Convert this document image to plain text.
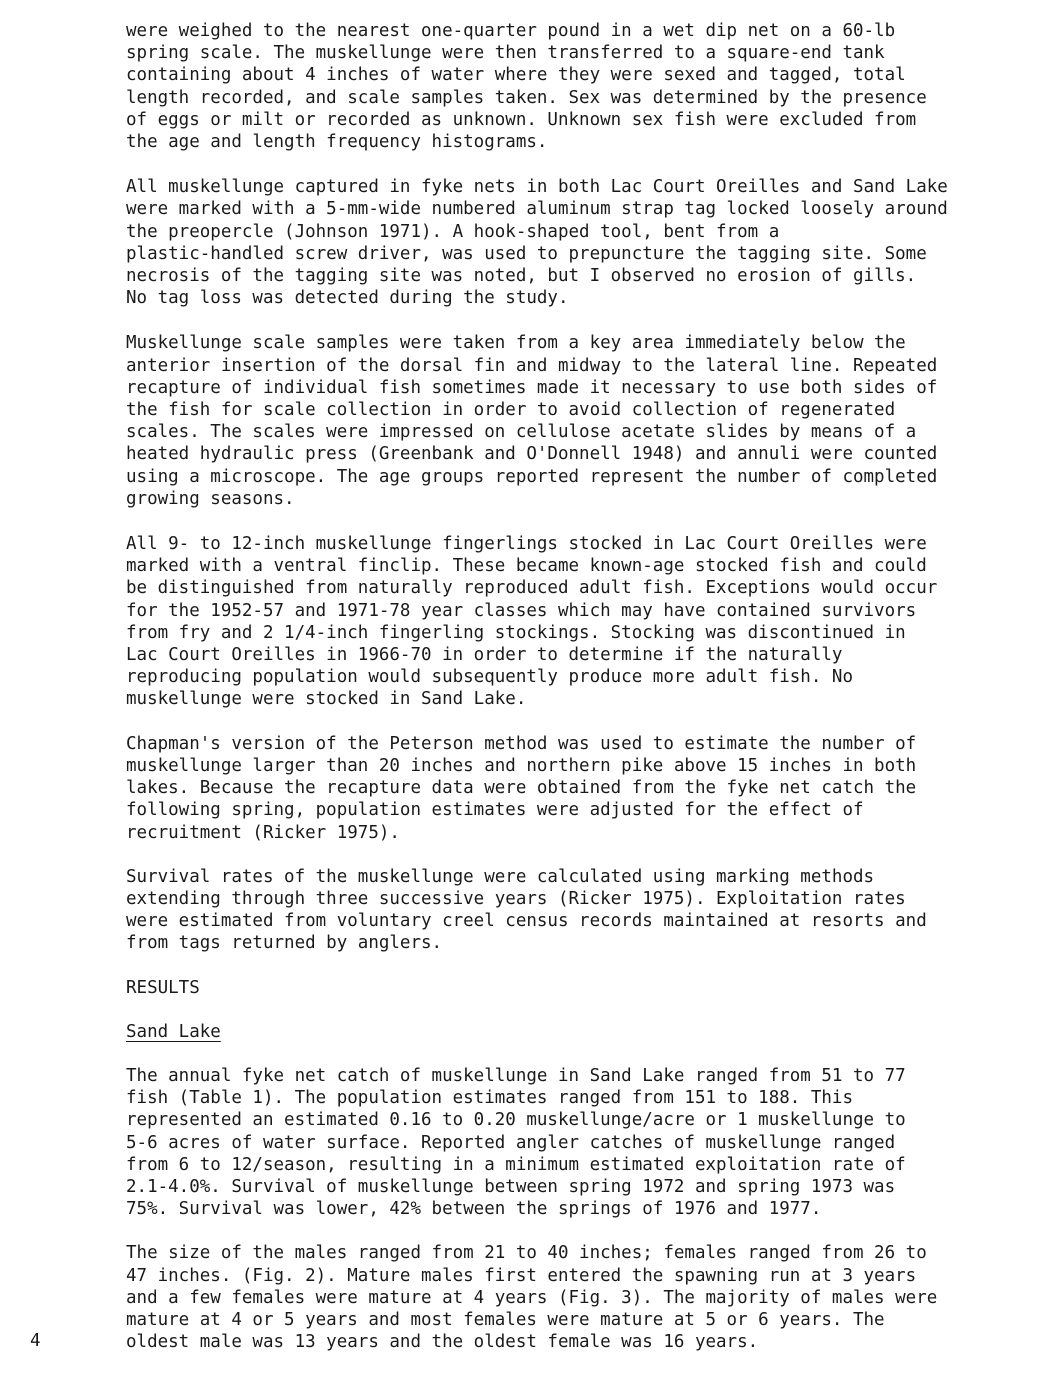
were weighed to the nearest one-quarter pound in a wet dip net on a 60-lb
spring scale. The muskellunge were then transferred to a square-end tank
containing about 4 inches of water where they were sexed and tagged, total
length recorded, and scale samples taken. Sex was determined by the presence
of eggs or milt or recorded as unknown. Unknown sex fish were excluded from
the age and length frequency histograms.

All muskellunge captured in fyke nets in both Lac Court Oreilles and Sand Lake
were marked with a 5-mm-wide numbered aluminum strap tag locked loosely around
the preopercle (Johnson 1971). A hook-shaped tool, bent from a
plastic-handled screw driver, was used to prepuncture the tagging site. Some
necrosis of the tagging site was noted, but I observed no erosion of gills.
No tag loss was detected during the study.

Muskellunge scale samples were taken from a key area immediately below the
anterior insertion of the dorsal fin and midway to the lateral line. Repeated
recapture of individual fish sometimes made it necessary to use both sides of
the fish for scale collection in order to avoid collection of regenerated
scales. The scales were impressed on cellulose acetate slides by means of a
heated hydraulic press (Greenbank and O'Donnell 1948) and annuli were counted
using a microscope. The age groups reported represent the number of completed
growing seasons.

All 9- to 12-inch muskellunge fingerlings stocked in Lac Court Oreilles were
marked with a ventral finclip. These became known-age stocked fish and could
be distinguished from naturally reproduced adult fish. Exceptions would occur
for the 1952-57 and 1971-78 year classes which may have contained survivors
from fry and 2 1/4-inch fingerling stockings. Stocking was discontinued in
Lac Court Oreilles in 1966-70 in order to determine if the naturally
reproducing population would subsequently produce more adult fish. No
muskellunge were stocked in Sand Lake.

Chapman's version of the Peterson method was used to estimate the number of
muskellunge larger than 20 inches and northern pike above 15 inches in both
lakes. Because the recapture data were obtained from the fyke net catch the
following spring, population estimates were adjusted for the effect of
recruitment (Ricker 1975).

Survival rates of the muskellunge were calculated using marking methods
extending through three successive years (Ricker 1975). Exploitation rates
were estimated from voluntary creel census records maintained at resorts and
from tags returned by anglers.

RESULTS

Sand Lake

The annual fyke net catch of muskellunge in Sand Lake ranged from 51 to 77
fish (Table 1). The population estimates ranged from 151 to 188. This
represented an estimated 0.16 to 0.20 muskellunge/acre or 1 muskellunge to
5-6 acres of water surface. Reported angler catches of muskellunge ranged
from 6 to 12/season, resulting in a minimum estimated exploitation rate of
2.1-4.0%. Survival of muskellunge between spring 1972 and spring 1973 was
75%. Survival was lower, 42% between the springs of 1976 and 1977.

The size of the males ranged from 21 to 40 inches; females ranged from 26 to
47 inches. (Fig. 2). Mature males first entered the spawning run at 3 years
and a few females were mature at 4 years (Fig. 3). The majority of males were
mature at 4 or 5 years and most females were mature at 5 or 6 years. The
oldest male was 13 years and the oldest female was 16 years.

4
